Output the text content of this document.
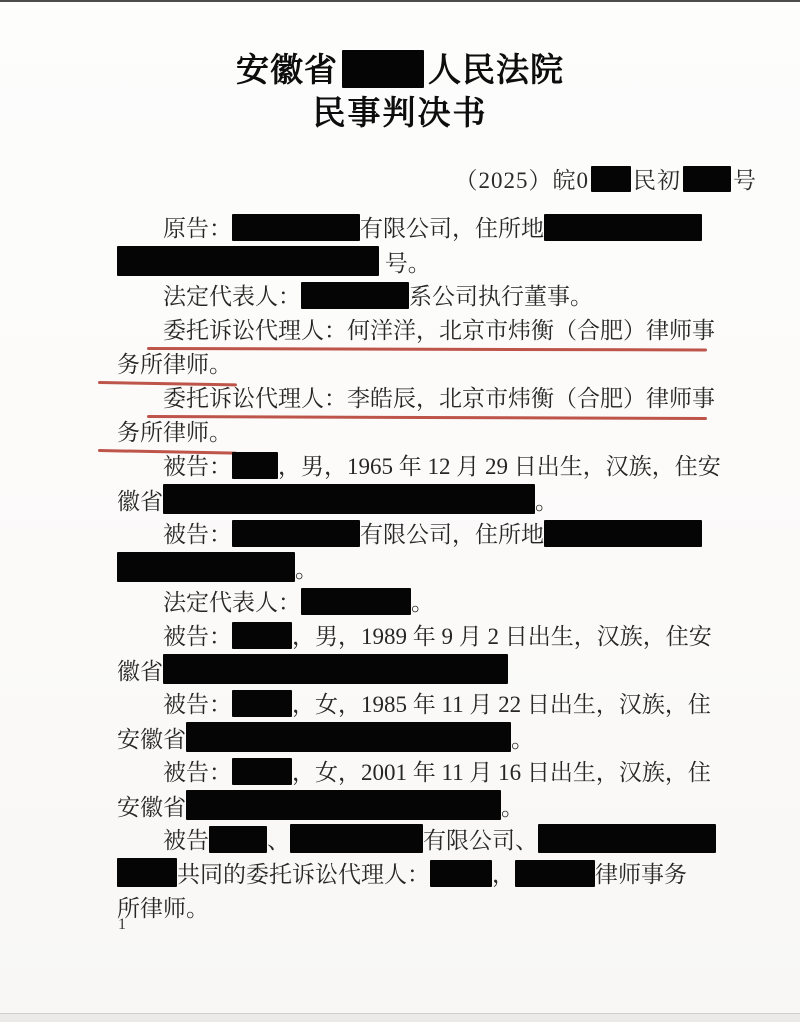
安徽省	人民法院
民事判决书
（2025）皖0 民初 号
原告：	有限公司，住所地
号。
法定代表人：	系公司执行董事。
委托诉讼代理人：何洋洋，北京市炜衡（合肥）律师事
务所律师。
委托诉讼代理人：李皓辰，北京市炜衡（合肥）律师事
务所律师。
被告： ，男，1965 年 12 月 29 日出生，汉族，住安
徽省	。
被告：	有限公司，住所地
。
法定代表人：	。
被告：	，男，1989 年 9 月 2 日出生，汉族，住安
徽省
被告：	，女，1985 年 11 月 22 日出生，汉族，住
安徽省	。
被告：	，女，2001 年 11 月 16 日出生，汉族，住
安徽省	。
被告	、	有限公司、
共同的委托诉讼代理人：	，	律师事务
所律师。
1
